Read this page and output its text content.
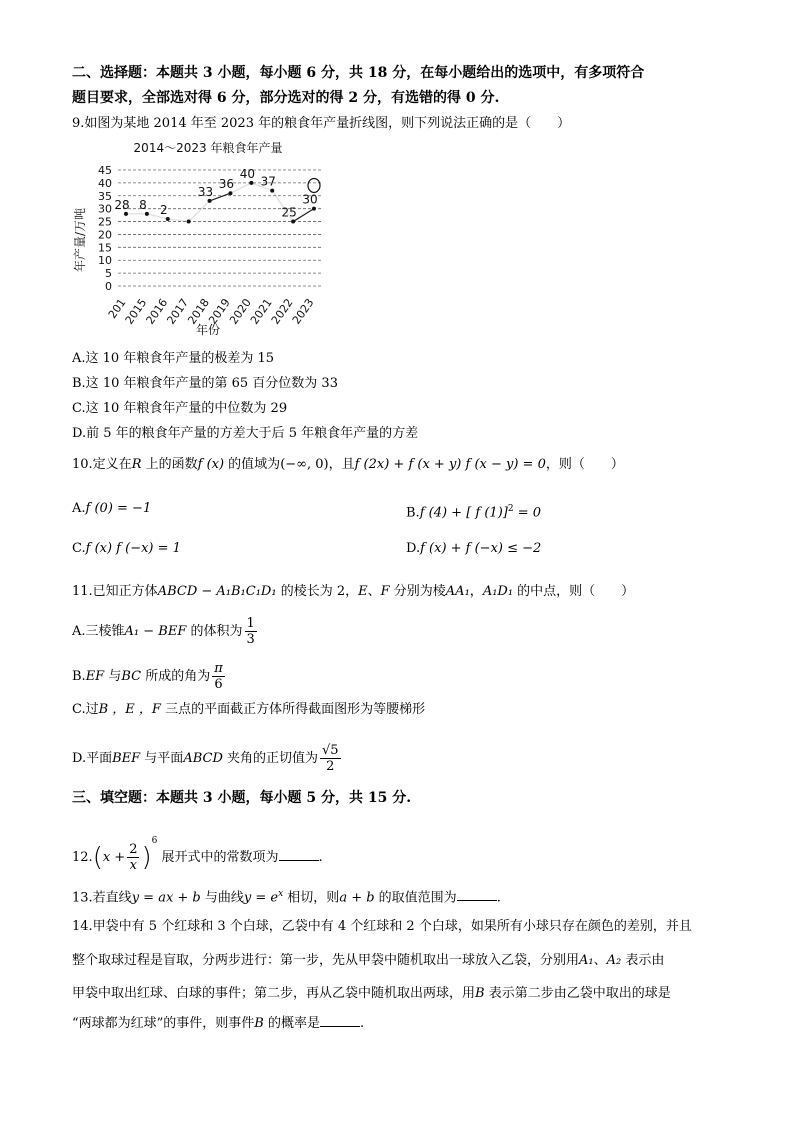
二、选择题：本题共 3 小题，每小题 6 分，共 18 分，在每小题给出的选项中，有多项符合
题目要求，全部选对得 6 分，部分选对的得 2 分，有选错的得 0 分.
9.如图为某地 2014 年至 2023 年的粮食年产量折线图，则下列说法正确的是（　　）
2014～2023 年粮食年产量
0
5
10
15
20
25
30
35
40
45
28 8 2
33
36
40
37
25
30
201
2015
2016
2017
2018
2019
2020
2021
2022
2023
年产量/万吨
年份
A.这 10 年粮食年产量的极差为 15
B.这 10 年粮食年产量的第 65 百分位数为 33
C.这 10 年粮食年产量的中位数为 29
D.前 5 年的粮食年产量的方差大于后 5 年粮食年产量的方差
10.定义在R 上的函数f (x) 的值域为(−∞, 0)，且f (2x) + f (x + y) f (x − y) = 0，则（　　）
A.f (0) = −1	B.f (4) + [ f (1)]$^2$ = 0
C.f (x) f (−x) = 1	D.f (x) + f (−x) ≤ −2
11.已知正方体ABCD − A₁B₁C₁D₁ 的棱长为 2，E、F 分别为棱AA₁，A₁D₁ 的中点，则（　　）
A.三棱锥A₁ − BEF 的体积为 $\frac{1}{3}$
B.EF 与BC 所成的角为 $\frac{\pi}{6}$
C.过B ，E ，F 三点的平面截正方体所得截面图形为等腰梯形
D.平面BEF 与平面ABCD 夹角的正切值为 $\frac{√5}{2}$
三、填空题：本题共 3 小题，每小题 5 分，共 15 分.
$12.(x + \frac{2}{x} )^6$ 展开式中的常数项为	.
13.若直线y = ax + b 与曲线$y = e^x$ 相切，则a + b 的取值范围为	.
14.甲袋中有 5 个红球和 3 个白球，乙袋中有 4 个红球和 2 个白球，如果所有小球只存在颜色的差别，并且
整个取球过程是盲取，分两步进行：第一步，先从甲袋中随机取出一球放入乙袋，分别用A₁、A₂ 表示由
甲袋中取出红球、白球的事件；第二步，再从乙袋中随机取出两球，用B 表示第二步由乙袋中取出的球是
“两球都为红球”的事件，则事件B 的概率是	.
